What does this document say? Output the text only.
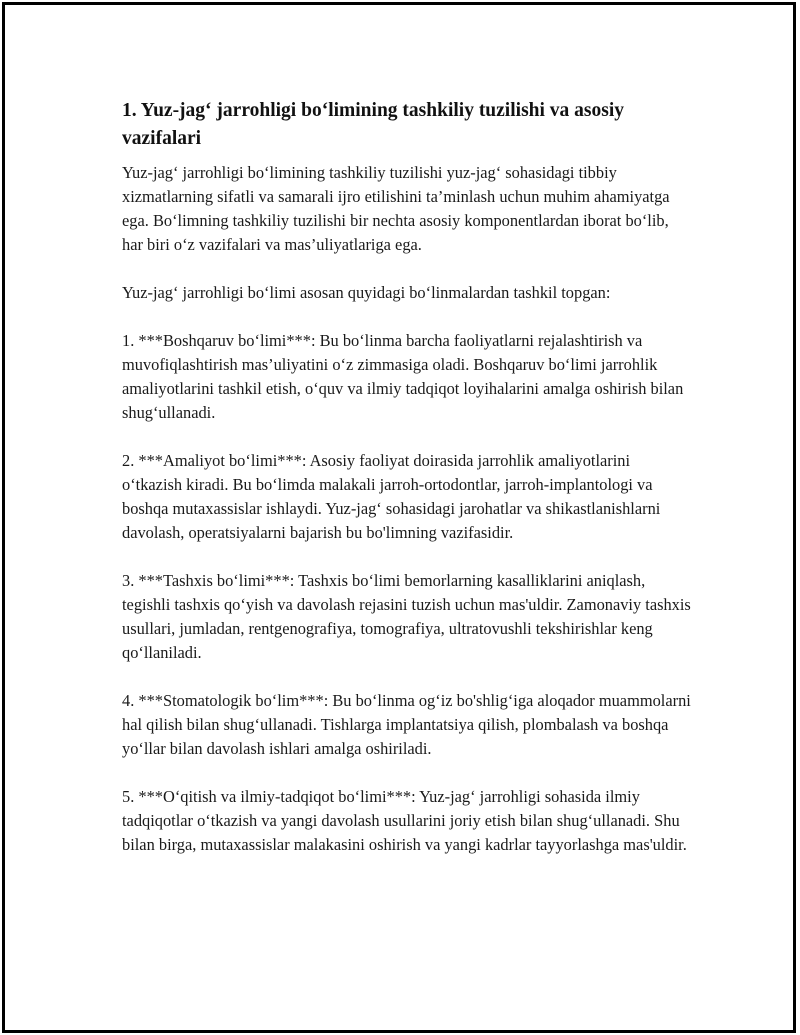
1. Yuz-jag‘ jarrohligi bo‘limining tashkiliy tuzilishi va asosiy vazifalari

Yuz-jag‘ jarrohligi bo‘limining tashkiliy tuzilishi yuz-jag‘ sohasidagi tibbiy xizmatlarning sifatli va samarali ijro etilishini ta’minlash uchun muhim ahamiyatga ega. Bo‘limning tashkiliy tuzilishi bir nechta asosiy komponentlardan iborat bo‘lib, har biri o‘z vazifalari va mas’uliyatlariga ega.

Yuz-jag‘ jarrohligi bo‘limi asosan quyidagi bo‘linmalardan tashkil topgan:

1. ***Boshqaruv bo‘limi***: Bu bo‘linma barcha faoliyatlarni rejalashtirish va muvofiqlashtirish mas’uliyatini o‘z zimmasiga oladi. Boshqaruv bo‘limi jarrohlik amaliyotlarini tashkil etish, o‘quv va ilmiy tadqiqot loyihalarini amalga oshirish bilan shug‘ullanadi.

2. ***Amaliyot bo‘limi***: Asosiy faoliyat doirasida jarrohlik amaliyotlarini o‘tkazish kiradi. Bu bo‘limda malakali jarroh-ortodontlar, jarroh-implantologi va boshqa mutaxassislar ishlaydi. Yuz-jag‘ sohasidagi jarohatlar va shikastlanishlarni davolash, operatsiyalarni bajarish bu bo'limning vazifasidir.

3. ***Tashxis bo‘limi***: Tashxis bo‘limi bemorlarning kasalliklarini aniqlash, tegishli tashxis qo‘yish va davolash rejasini tuzish uchun mas'uldir. Zamonaviy tashxis usullari, jumladan, rentgenografiya, tomografiya, ultratovushli tekshirishlar keng qo‘llaniladi.

4. ***Stomatologik bo‘lim***: Bu bo‘linma og‘iz bo'shlig‘iga aloqador muammolarni hal qilish bilan shug‘ullanadi. Tishlarga implantatsiya qilish, plombalash va boshqa yo‘llar bilan davolash ishlari amalga oshiriladi.

5. ***O‘qitish va ilmiy-tadqiqot bo‘limi***: Yuz-jag‘ jarrohligi sohasida ilmiy tadqiqotlar o‘tkazish va yangi davolash usullarini joriy etish bilan shug‘ullanadi. Shu bilan birga, mutaxassislar malakasini oshirish va yangi kadrlar tayyorlashga mas'uldir.
